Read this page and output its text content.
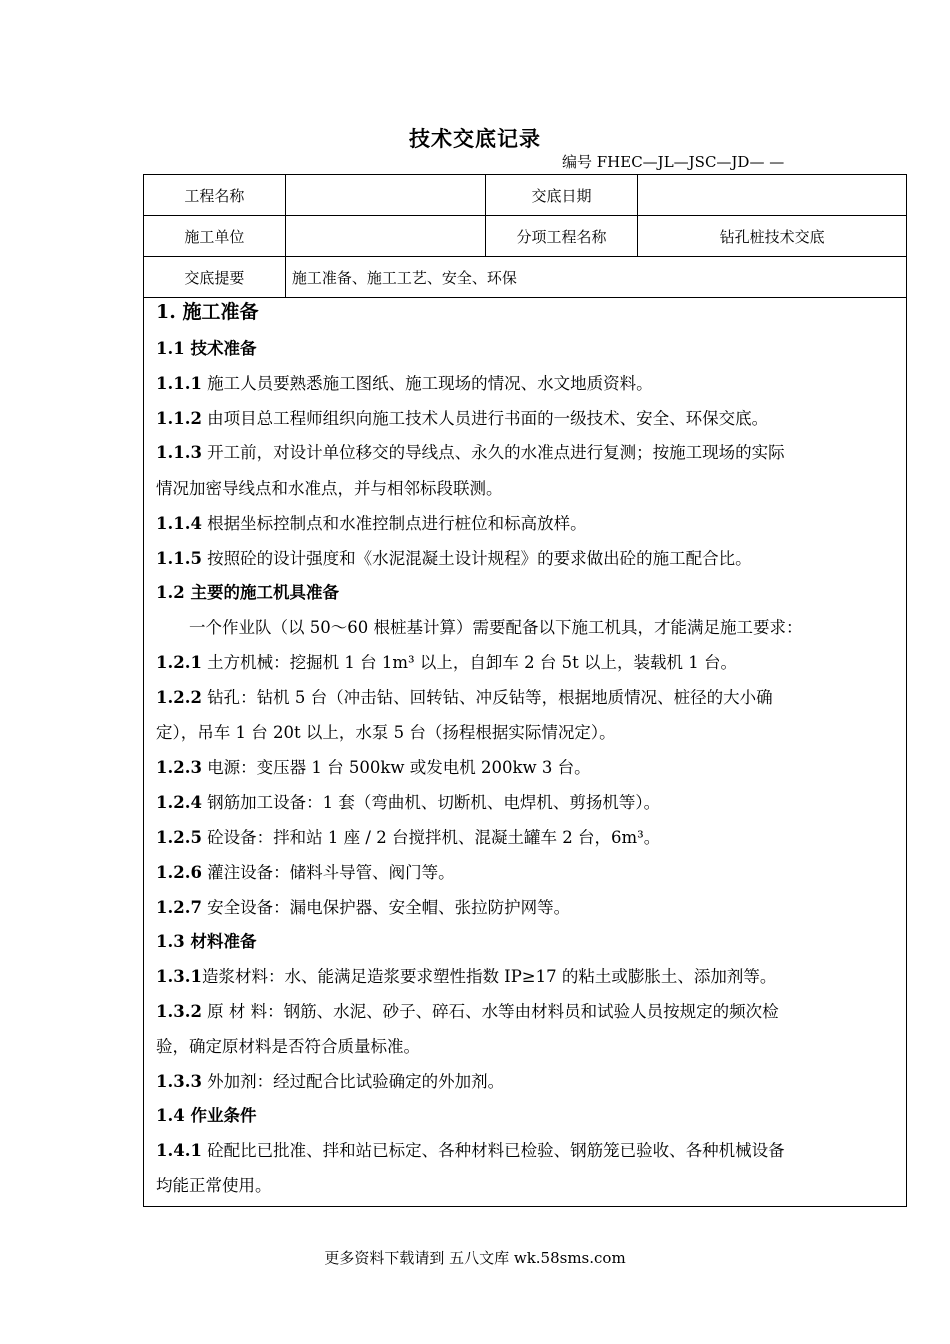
技术交底记录
编号 FHEC—JL—JSC—JD— —
工程名称		交底日期	
施工单位		分项工程名称	钻孔桩技术交底
交底提要	施工准备、施工工艺、安全、环保		
1. 施工准备
1.1 技术准备
1.1.1 施工人员要熟悉施工图纸、施工现场的情况、水文地质资料。
1.1.2 由项目总工程师组织向施工技术人员进行书面的一级技术、安全、环保交底。
1.1.3 开工前，对设计单位移交的导线点、永久的水准点进行复测；按施工现场的实际
情况加密导线点和水准点，并与相邻标段联测。
1.1.4 根据坐标控制点和水准控制点进行桩位和标高放样。
1.1.5 按照砼的设计强度和《水泥混凝土设计规程》的要求做出砼的施工配合比。
1.2 主要的施工机具准备
一个作业队（以 50～60 根桩基计算）需要配备以下施工机具，才能满足施工要求：
1.2.1 土方机械：挖掘机 1 台 1m³ 以上，自卸车 2 台 5t 以上，装载机 1 台。
1.2.2 钻孔：钻机 5 台（冲击钻、回转钻、冲反钻等，根据地质情况、桩径的大小确
定），吊车 1 台 20t 以上，水泵 5 台（扬程根据实际情况定）。
1.2.3 电源：变压器 1 台 500kw 或发电机 200kw 3 台。
1.2.4 钢筋加工设备：1 套（弯曲机、切断机、电焊机、剪扬机等）。
1.2.5 砼设备：拌和站 1 座 / 2 台搅拌机、混凝土罐车 2 台，6m³。
1.2.6 灌注设备：储料斗导管、阀门等。
1.2.7 安全设备：漏电保护器、安全帽、张拉防护网等。
1.3 材料准备
1.3.1造浆材料：水、能满足造浆要求塑性指数 IP≥17 的粘土或膨胀土、添加剂等。
1.3.2 原 材 料：钢筋、水泥、砂子、碎石、水等由材料员和试验人员按规定的频次检
验，确定原材料是否符合质量标准。
1.3.3 外加剂：经过配合比试验确定的外加剂。
1.4 作业条件
1.4.1 砼配比已批准、拌和站已标定、各种材料已检验、钢筋笼已验收、各种机械设备
均能正常使用。
更多资料下载请到 五八文库 wk.58sms.com
